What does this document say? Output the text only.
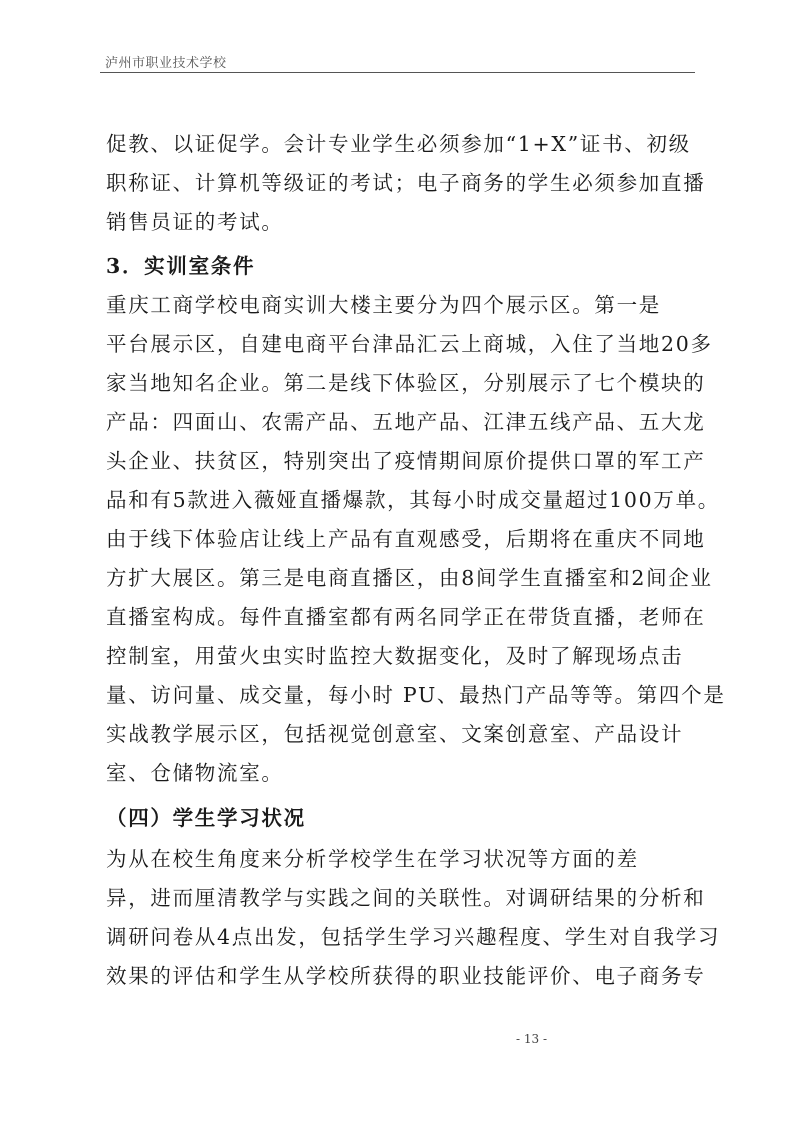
泸州市职业技术学校
促教、以证促学。会计专业学生必须参加“1+X”证书、初级
职称证、计算机等级证的考试；电子商务的学生必须参加直播
销售员证的考试。
3．实训室条件
重庆工商学校电商实训大楼主要分为四个展示区。第一是
平台展示区，自建电商平台津品汇云上商城，入住了当地20多
家当地知名企业。第二是线下体验区，分别展示了七个模块的
产品：四面山、农需产品、五地产品、江津五线产品、五大龙
头企业、扶贫区，特别突出了疫情期间原价提供口罩的军工产
品和有5款进入薇娅直播爆款，其每小时成交量超过100万单。
由于线下体验店让线上产品有直观感受，后期将在重庆不同地
方扩大展区。第三是电商直播区，由8间学生直播室和2间企业
直播室构成。每件直播室都有两名同学正在带货直播，老师在
控制室，用萤火虫实时监控大数据变化，及时了解现场点击
量、访问量、成交量，每小时 PU、最热门产品等等。第四个是
实战教学展示区，包括视觉创意室、文案创意室、产品设计
室、仓储物流室。
（四）学生学习状况
为从在校生角度来分析学校学生在学习状况等方面的差
异，进而厘清教学与实践之间的关联性。对调研结果的分析和
调研问卷从4点出发，包括学生学习兴趣程度、学生对自我学习
效果的评估和学生从学校所获得的职业技能评价、电子商务专
- 13 -
